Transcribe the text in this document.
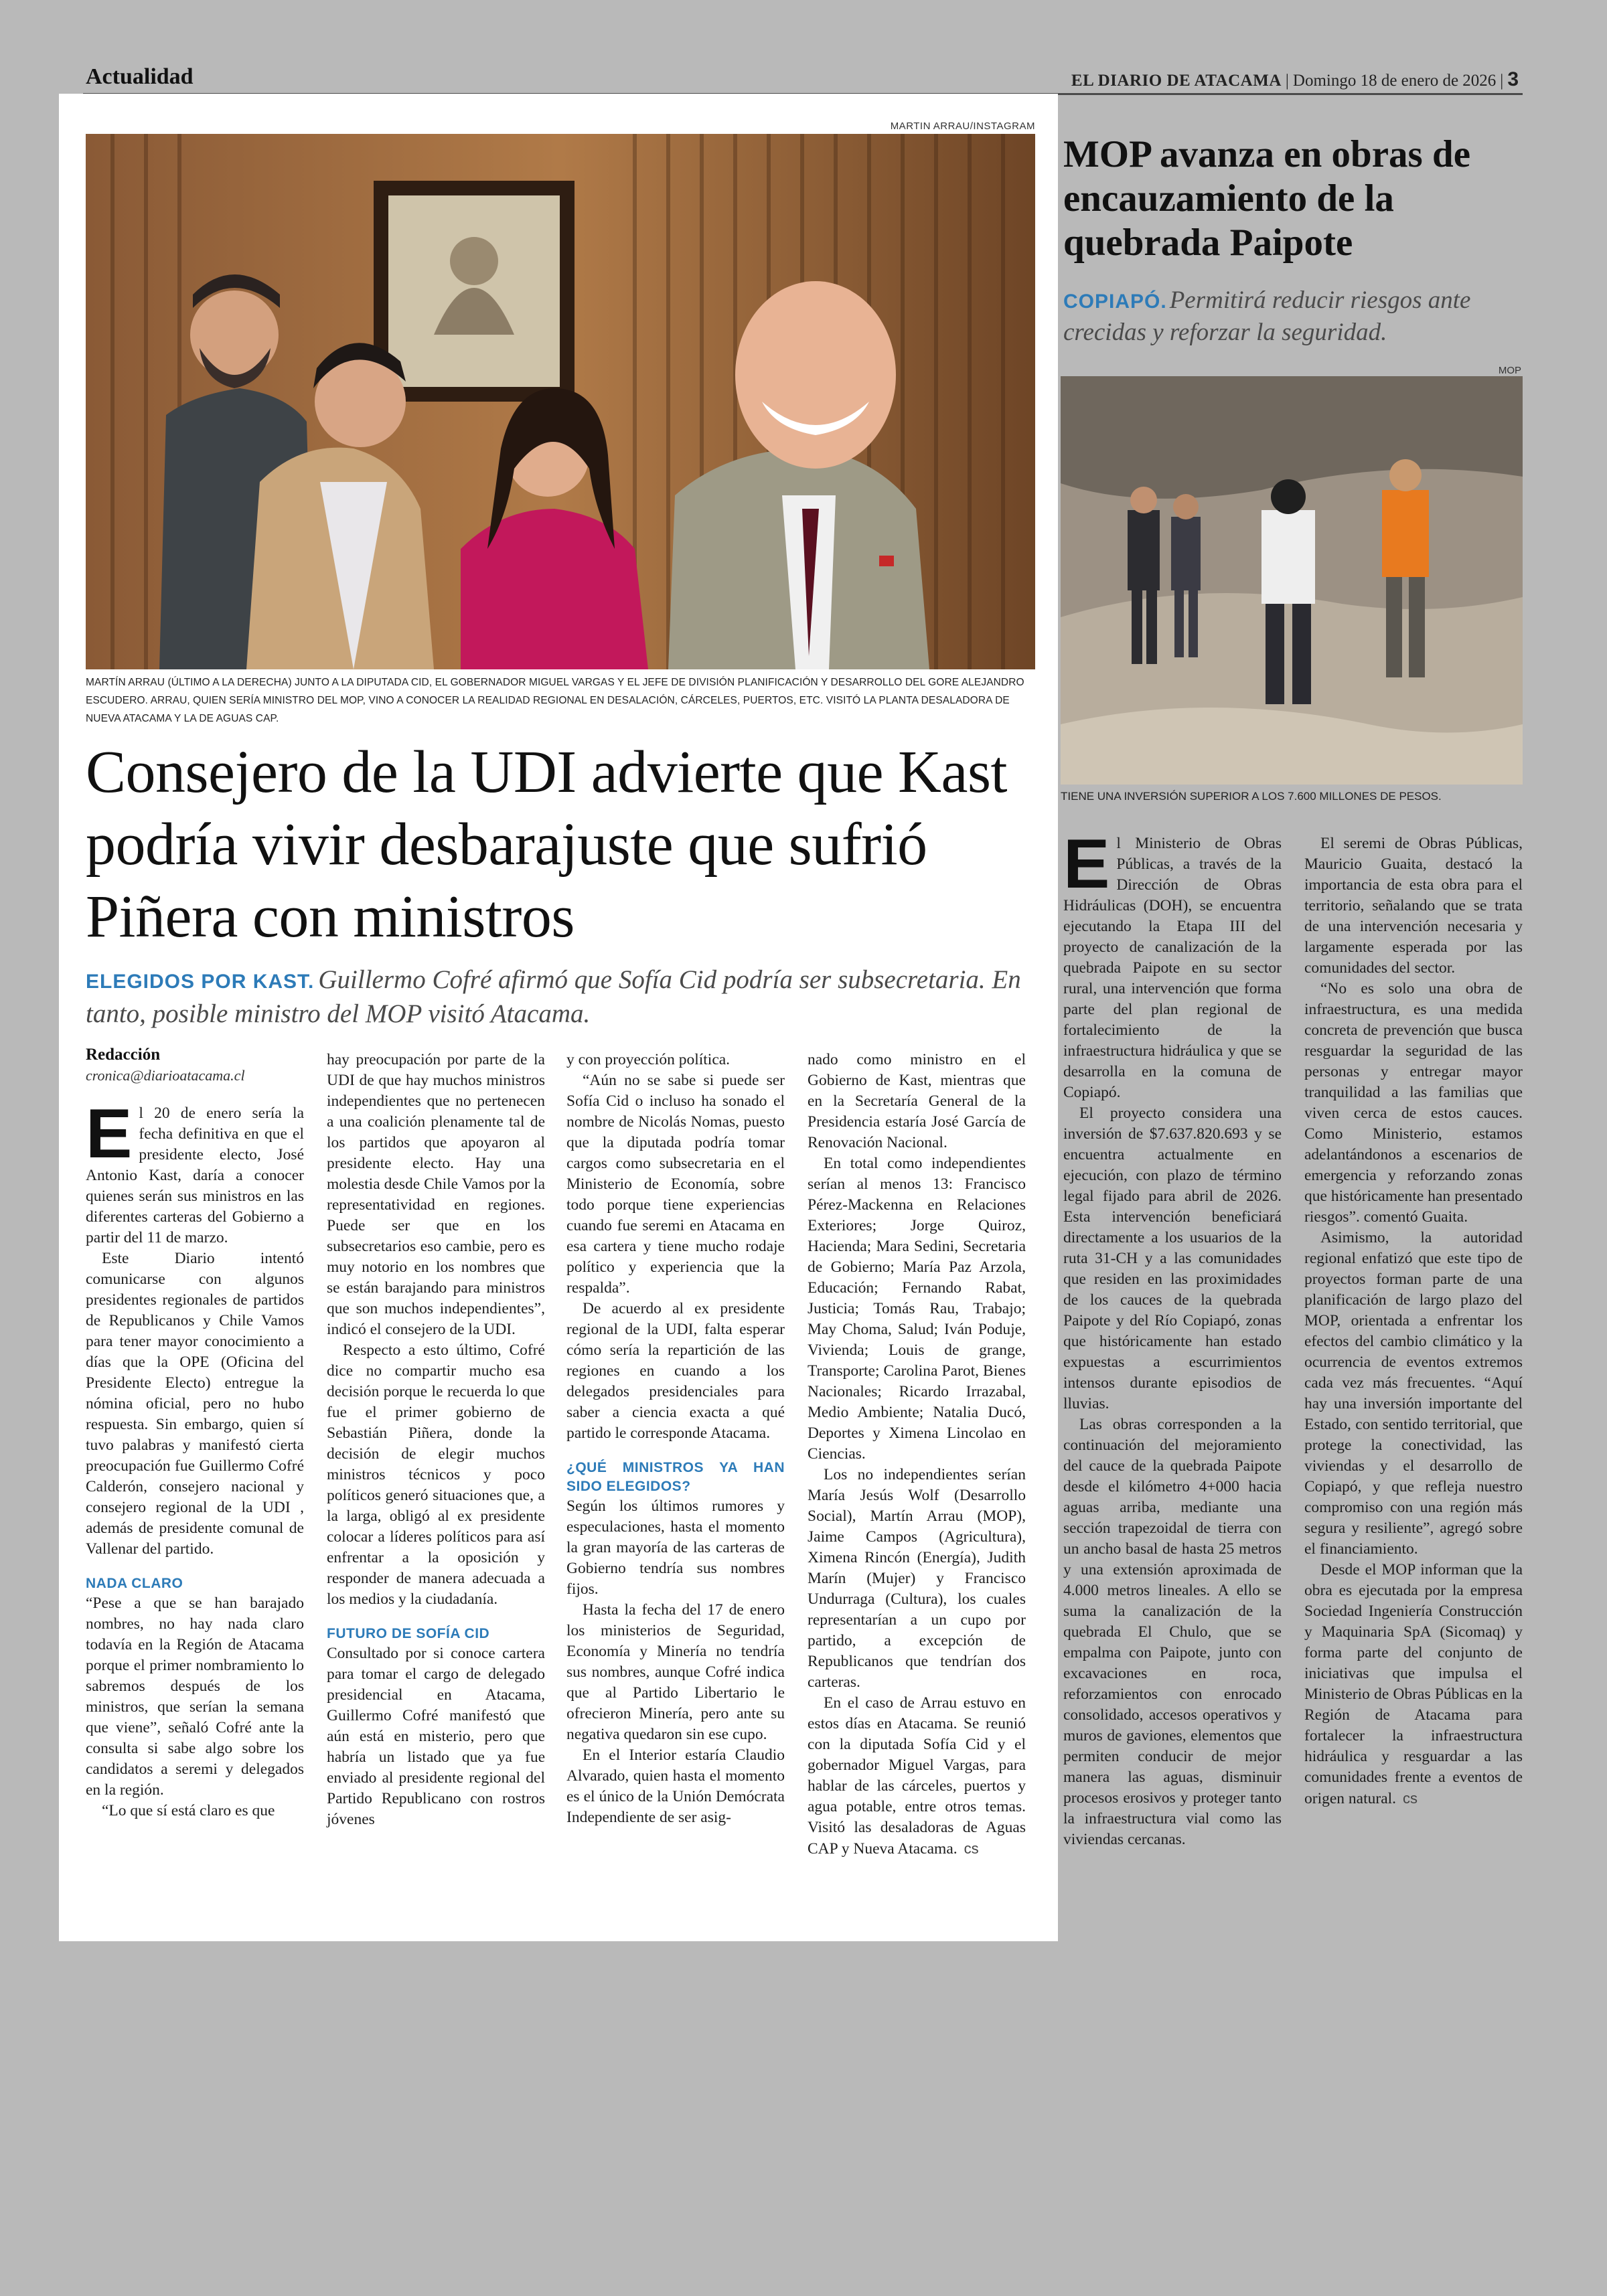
Actualidad	EL DIARIO DE ATACAMA | Domingo 18 de enero de 2026 | 3
MARTIN ARRAU/INSTAGRAM
MARTÍN ARRAU (ÚLTIMO A LA DERECHA) JUNTO A LA DIPUTADA CID, EL GOBERNADOR MIGUEL VARGAS Y EL JEFE DE DIVISIÓN PLANIFICACIÓN Y DESARROLLO DEL GORE ALEJANDRO ESCUDERO. ARRAU, QUIEN SERÍA MINISTRO DEL MOP, VINO A CONOCER LA REALIDAD REGIONAL EN DESALACIÓN, CÁRCELES, PUERTOS, ETC. VISITÓ LA PLANTA DESALADORA DE NUEVA ATACAMA Y LA DE AGUAS CAP.
Consejero de la UDI advierte que Kast podría vivir desbarajuste que sufrió Piñera con ministros
ELEGIDOS POR KAST. Guillermo Cofré afirmó que Sofía Cid podría ser subsecretaria. En tanto, posible ministro del MOP visitó Atacama.
Redacción
cronica@diarioatacama.cl
E l 20 de enero sería la fecha definitiva en que el presidente electo, José Antonio Kast, daría a conocer quienes serán sus ministros en las diferentes carteras del Gobierno a partir del 11 de marzo.

Este Diario intentó comunicarse con algunos presidentes regionales de partidos de Republicanos y Chile Vamos para tener mayor conocimiento a días que la OPE (Oficina del Presidente Electo) entregue la nómina oficial, pero no hubo respuesta. Sin embargo, quien sí tuvo palabras y manifestó cierta preocupación fue Guillermo Cofré Calderón, consejero nacional y consejero regional de la UDI , además de presidente comunal de Vallenar del partido.

NADA CLARO

“Pese a que se han barajado nombres, no hay nada claro todavía en la Región de Atacama porque el primer nombramiento lo sabremos después de los ministros, que serían la semana que viene”, señaló Cofré ante la consulta si sabe algo sobre los candidatos a seremi y delegados en la región.

“Lo que sí está claro es que

hay preocupación por parte de la UDI de que hay muchos ministros independientes que no pertenecen a una coalición plenamente tal de los partidos que apoyaron al presidente electo. Hay una molestia desde Chile Vamos por la representatividad en regiones. Puede ser que en los subsecretarios eso cambie, pero es muy notorio en los nombres que se están barajando para ministros que son muchos independientes”, indicó el consejero de la UDI.

Respecto a esto último, Cofré dice no compartir mucho esa decisión porque le recuerda lo que fue el primer gobierno de Sebastián Piñera, donde la decisión de elegir muchos ministros técnicos y poco políticos generó situaciones que, a la larga, obligó al ex presidente colocar a líderes políticos para así enfrentar a la oposición y responder de manera adecuada a los medios y la ciudadanía.

FUTURO DE SOFÍA CID

Consultado por si conoce cartera para tomar el cargo de delegado presidencial en Atacama, Guillermo Cofré manifestó que aún está en misterio, pero que habría un listado que ya fue enviado al presidente regional del Partido Republicano con rostros jóvenes

y con proyección política.

“Aún no se sabe si puede ser Sofía Cid o incluso ha sonado el nombre de Nicolás Nomas, puesto que la diputada podría tomar cargos como subsecretaria en el Ministerio de Economía, sobre todo porque tiene experiencias cuando fue seremi en Atacama en esa cartera y tiene mucho rodaje político y experiencia que la respalda”.

De acuerdo al ex presidente regional de la UDI, falta esperar cómo sería la repartición de las regiones en cuando a los delegados presidenciales para saber a ciencia exacta a qué partido le corresponde Atacama.

¿QUÉ MINISTROS YA HAN SIDO ELEGIDOS?

Según los últimos rumores y especulaciones, hasta el momento la gran mayoría de las carteras de Gobierno tendría sus nombres fijos.

Hasta la fecha del 17 de enero los ministerios de Seguridad, Economía y Minería no tendría sus nombres, aunque Cofré indica que al Partido Libertario le ofrecieron Minería, pero ante su negativa quedaron sin ese cupo.

En el Interior estaría Claudio Alvarado, quien hasta el momento es el único de la Unión Demócrata Independiente de ser asig-

nado como ministro en el Gobierno de Kast, mientras que en la Secretaría General de la Presidencia estaría José García de Renovación Nacional.

En total como independientes serían al menos 13: Francisco Pérez-Mackenna en Relaciones Exteriores; Jorge Quiroz, Hacienda; Mara Sedini, Secretaria de Gobierno; María Paz Arzola, Educación; Fernando Rabat, Justicia; Tomás Rau, Trabajo; May Choma, Salud; Iván Poduje, Vivienda; Louis de grange, Transporte; Carolina Parot, Bienes Nacionales; Ricardo Irrazabal, Medio Ambiente; Natalia Ducó, Deportes y Ximena Lincolao en Ciencias.

Los no independientes serían María Jesús Wolf (Desarrollo Social), Martín Arrau (MOP), Jaime Campos (Agricultura), Ximena Rincón (Energía), Judith Marín (Mujer) y Francisco Undurraga (Cultura), los cuales representarían a un cupo por partido, a excepción de Republicanos que tendrían dos carteras.

En el caso de Arrau estuvo en estos días en Atacama. Se reunió con la diputada Sofía Cid y el gobernador Miguel Vargas, para hablar de las cárceles, puertos y agua potable, entre otros temas. Visitó las desaladoras de Aguas CAP y Nueva Atacama. cs

MOP avanza en obras de encauzamiento de la quebrada Paipote
COPIAPÓ. Permitirá reducir riesgos ante crecidas y reforzar la seguridad.
MOP
TIENE UNA INVERSIÓN SUPERIOR A LOS 7.600 MILLONES DE PESOS.
E l Ministerio de Obras Públicas, a través de la Dirección de Obras Hidráulicas (DOH), se encuentra ejecutando la Etapa III del proyecto de canalización de la quebrada Paipote en su sector rural, una intervención que forma parte del plan regional de fortalecimiento de la infraestructura hidráulica y que se desarrolla en la comuna de Copiapó.

El proyecto considera una inversión de $7.637.820.693 y se encuentra actualmente en ejecución, con plazo de término legal fijado para abril de 2026. Esta intervención beneficiará directamente a los usuarios de la ruta 31-CH y a las comunidades que residen en las proximidades de los cauces de la quebrada Paipote y del Río Copiapó, zonas que históricamente han estado expuestas a escurrimientos intensos durante episodios de lluvias.

Las obras corresponden a la continuación del mejoramiento del cauce de la quebrada Paipote desde el kilómetro 4+000 hacia aguas arriba, mediante una sección trapezoidal de tierra con un ancho basal de hasta 25 metros y una extensión aproximada de 4.000 metros lineales. A ello se suma la canalización de la quebrada El Chulo, que se empalma con Paipote, junto con excavaciones en roca, reforzamientos con enrocado consolidado, accesos operativos y muros de gaviones, elementos que permiten conducir de mejor manera las aguas, disminuir procesos erosivos y proteger tanto la infraestructura vial como las viviendas cercanas.

El seremi de Obras Públicas, Mauricio Guaita, destacó la importancia de esta obra para el territorio, señalando que se trata de una intervención necesaria y largamente esperada por las comunidades del sector.

“No es solo una obra de infraestructura, es una medida concreta de prevención que busca resguardar la seguridad de las personas y entregar mayor tranquilidad a las familias que viven cerca de estos cauces. Como Ministerio, estamos adelantándonos a escenarios de emergencia y reforzando zonas que históricamente han presentado riesgos”. comentó Guaita.

Asimismo, la autoridad regional enfatizó que este tipo de proyectos forman parte de una planificación de largo plazo del MOP, orientada a enfrentar los efectos del cambio climático y la ocurrencia de eventos extremos cada vez más frecuentes. “Aquí hay una inversión importante del Estado, con sentido territorial, que protege la conectividad, las viviendas y el desarrollo de Copiapó, y que refleja nuestro compromiso con una región más segura y resiliente”, agregó sobre el financiamiento.

Desde el MOP informan que la obra es ejecutada por la empresa Sociedad Ingeniería Construcción y Maquinaria SpA (Sicomaq) y forma parte del conjunto de iniciativas que impulsa el Ministerio de Obras Públicas en la Región de Atacama para fortalecer la infraestructura hidráulica y resguardar a las comunidades frente a eventos de origen natural. cs
